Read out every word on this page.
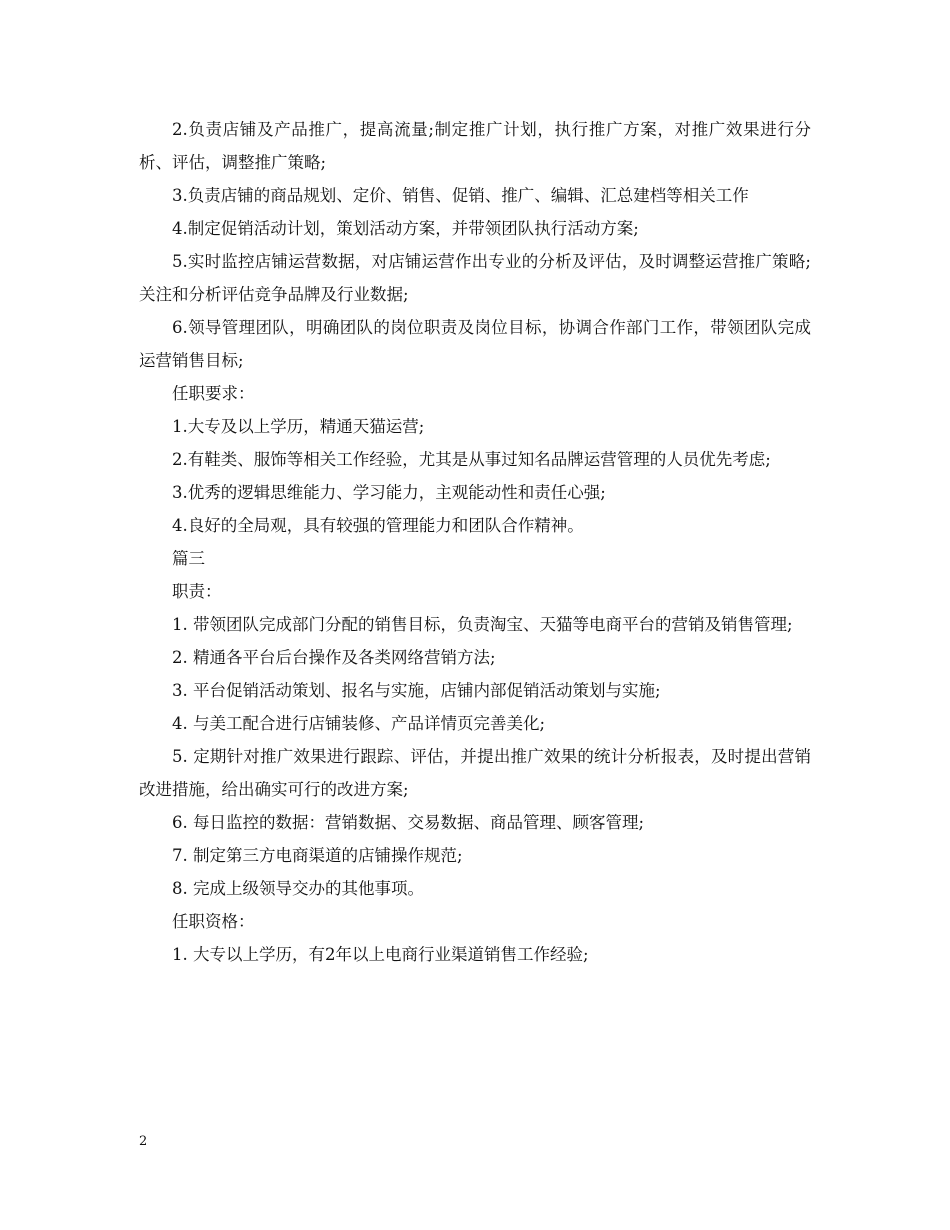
2.负责店铺及产品推广，提高流量;制定推广计划，执行推广方案，对推广效果进行分析、评估，调整推广策略;

3.负责店铺的商品规划、定价、销售、促销、推广、编辑、汇总建档等相关工作

4.制定促销活动计划，策划活动方案，并带领团队执行活动方案;

5.实时监控店铺运营数据，对店铺运营作出专业的分析及评估，及时调整运营推广策略;关注和分析评估竞争品牌及行业数据;

6.领导管理团队，明确团队的岗位职责及岗位目标，协调合作部门工作，带领团队完成运营销售目标;

任职要求：

1.大专及以上学历，精通天猫运营;

2.有鞋类、服饰等相关工作经验，尤其是从事过知名品牌运营管理的人员优先考虑;

3.优秀的逻辑思维能力、学习能力，主观能动性和责任心强;

4.良好的全局观，具有较强的管理能力和团队合作精神。

篇三

职责：

1. 带领团队完成部门分配的销售目标，负责淘宝、天猫等电商平台的营销及销售管理;

2. 精通各平台后台操作及各类网络营销方法;

3. 平台促销活动策划、报名与实施，店铺内部促销活动策划与实施;

4. 与美工配合进行店铺装修、产品详情页完善美化;

5. 定期针对推广效果进行跟踪、评估，并提出推广效果的统计分析报表，及时提出营销改进措施，给出确实可行的改进方案;

6. 每日监控的数据：营销数据、交易数据、商品管理、顾客管理;

7. 制定第三方电商渠道的店铺操作规范;

8. 完成上级领导交办的其他事项。

任职资格：

1. 大专以上学历，有2年以上电商行业渠道销售工作经验;

2
